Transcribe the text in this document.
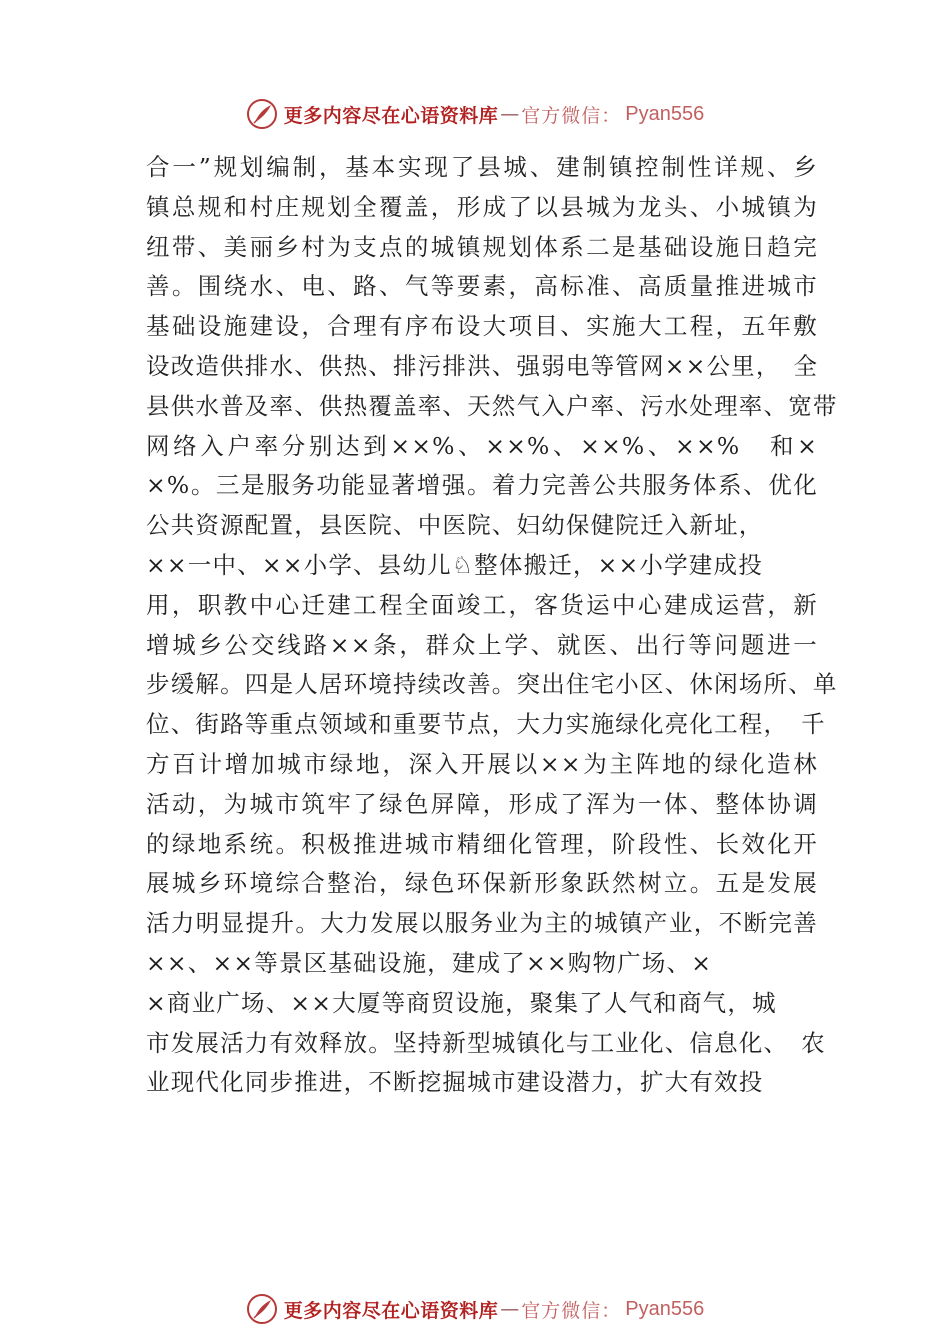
更多内容尽在心语资料库 — 官方微信： Pyan556
合一”规划编制，基本实现了县城、建制镇控制性详规、乡
镇总规和村庄规划全覆盖，形成了以县城为龙头、小城镇为
纽带、美丽乡村为支点的城镇规划体系二是基础设施日趋完
善。围绕水、电、路、气等要素，高标准、高质量推进城市
基础设施建设，合理有序布设大项目、实施大工程，五年敷
设改造供排水、供热、排污排洪、强弱电等管网××公里，　全
县供水普及率、供热覆盖率、天然气入户率、污水处理率、宽带
网络入户率分别达到××%、××%、××%、××%　和×
×%。三是服务功能显著增强。着力完善公共服务体系、优化
公共资源配置，县医院、中医院、妇幼保健院迁入新址，
××一中、××小学、县幼儿♘整体搬迁，××小学建成投
用，职教中心迁建工程全面竣工，客货运中心建成运营，新
增城乡公交线路××条，群众上学、就医、出行等问题进一
步缓解。四是人居环境持续改善。突出住宅小区、休闲场所、单
位、街路等重点领域和重要节点，大力实施绿化亮化工程，　千
方百计增加城市绿地，深入开展以××为主阵地的绿化造林
活动，为城市筑牢了绿色屏障，形成了浑为一体、整体协调
的绿地系统。积极推进城市精细化管理，阶段性、长效化开
展城乡环境综合整治，绿色环保新形象跃然树立。五是发展
活力明显提升。大力发展以服务业为主的城镇产业，不断完善
××、××等景区基础设施，建成了××购物广场、×
×商业广场、××大厦等商贸设施，聚集了人气和商气，城
市发展活力有效释放。坚持新型城镇化与工业化、信息化、　农
业现代化同步推进，不断挖掘城市建设潜力，扩大有效投
更多内容尽在心语资料库 — 官方微信： Pyan556
